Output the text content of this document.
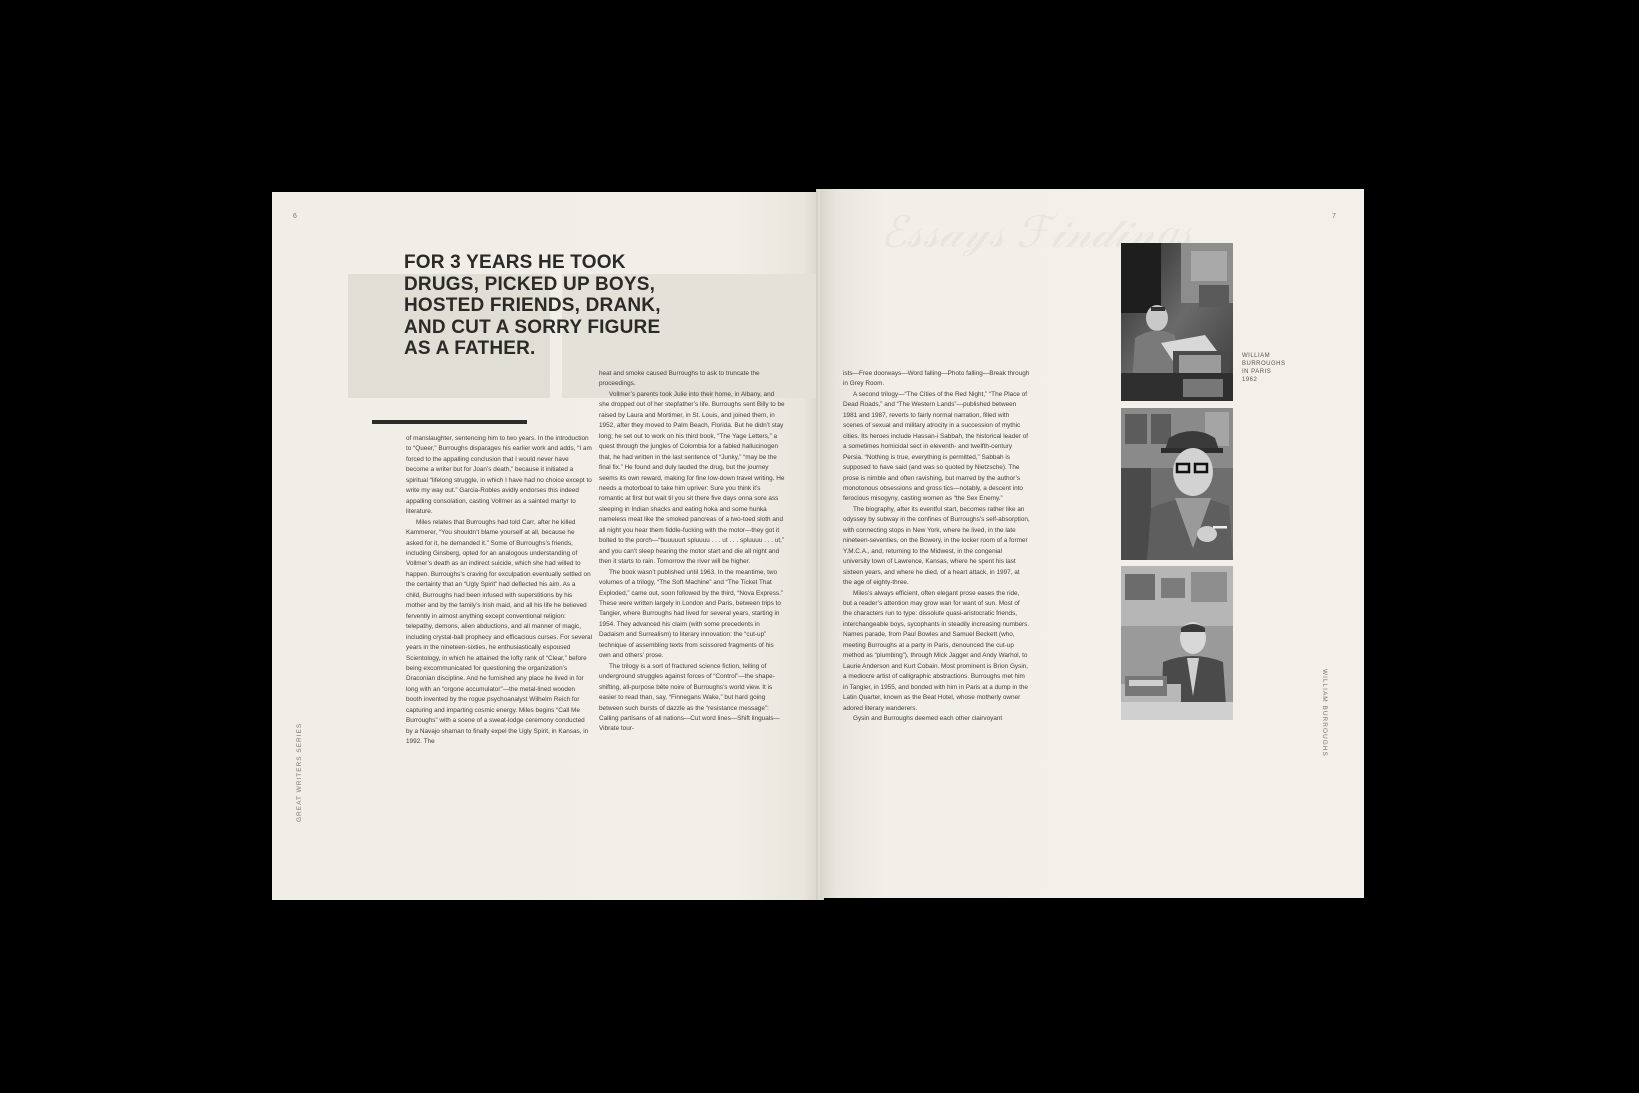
6
GREAT WRITERS SERIES
FOR 3 YEARS HE TOOK DRUGS, PICKED UP BOYS, HOSTED FRIENDS, DRANK, AND CUT A SORRY FIGURE AS A FATHER.

of manslaughter, sentencing him to two years. In the introduction to “Queer,” Burroughs disparages his earlier work and adds, “I am forced to the appalling conclusion that I would never have become a writer but for Joan’s death,” because it initiated a spiritual “lifelong struggle, in which I have had no choice except to write my way out.” Garcia-Robles avidly endorses this indeed appalling consolation, casting Vollmer as a sainted martyr to literature.

Miles relates that Burroughs had told Carr, after he killed Kammerer, “You shouldn’t blame yourself at all, because he asked for it, he demanded it.” Some of Burroughs’s friends, including Ginsberg, opted for an analogous understanding of Vollmer’s death as an indirect suicide, which she had willed to happen. Burroughs’s craving for exculpation eventually settled on the certainty that an “Ugly Spirit” had deflected his aim. As a child, Burroughs had been infused with superstitions by his mother and by the family’s Irish maid, and all his life he believed fervently in almost anything except conventional religion: telepathy, demons, alien abductions, and all manner of magic, including crystal-ball prophecy and efficacious curses. For several years in the nineteen-sixties, he enthusiastically espoused Scientology, in which he attained the lofty rank of “Clear,” before being excommunicated for questioning the organization’s Draconian discipline. And he furnished any place he lived in for long with an “orgone accumulator”—the metal-lined wooden booth invented by the rogue psychoanalyst Wilhelm Reich for capturing and imparting cosmic energy. Miles begins “Call Me Burroughs” with a scene of a sweat-lodge ceremony conducted by a Navajo shaman to finally expel the Ugly Spirit, in Kansas, in 1992. The

heat and smoke caused Burroughs to ask to truncate the proceedings.

Vollmer’s parents took Julie into their home, in Albany, and she dropped out of her stepfather’s life. Burroughs sent Billy to be raised by Laura and Mortimer, in St. Louis, and joined them, in 1952, after they moved to Palm Beach, Florida. But he didn’t stay long; he set out to work on his third book, “The Yage Letters,” a quest through the jungles of Colombia for a fabled hallucinogen that, he had written in the last sentence of “Junky,” “may be the final fix.” He found and duly lauded the drug, but the journey seems its own reward, making for fine low-down travel writing. He needs a motorboat to take him upriver: Sure you think it’s romantic at first but wait til you sit there five days onna sore ass sleeping in Indian shacks and eating hoka and some hunka nameless meat like the smoked pancreas of a two-toed sloth and all night you hear them fiddle-fucking with the motor—they got it bolted to the porch—“buuuuurt spluuuu . . . ut . . . spluuuu . . . ut,” and you can’t sleep hearing the motor start and die all night and then it starts to rain. Tomorrow the river will be higher.

The book wasn’t published until 1963. In the meantime, two volumes of a trilogy, “The Soft Machine” and “The Ticket That Exploded,” came out, soon followed by the third, “Nova Express.” These were written largely in London and Paris, between trips to Tangier, where Burroughs had lived for several years, starting in 1954. They advanced his claim (with some precedents in Dadaism and Surrealism) to literary innovation: the “cut-up” technique of assembling texts from scissored fragments of his own and others’ prose.

The trilogy is a sort of fractured science fiction, telling of underground struggles against forces of “Control”—the shape-shifting, all-purpose bête noire of Burroughs’s world view. It is easier to read than, say, “Finnegans Wake,” but hard going between such bursts of dazzle as the “resistance message”: Calling partisans of all nations—Cut word lines—Shift linguals—Vibrate tour-

7
WILLIAM BURROUGHS

ists—Free doorways—Word falling—Photo falling—Break through in Grey Room.

A second trilogy—“The Cities of the Red Night,” “The Place of Dead Roads,” and “The Western Lands”—published between 1981 and 1987, reverts to fairly normal narration, filled with scenes of sexual and military atrocity in a succession of mythic cities. Its heroes include Hassan-i Sabbah, the historical leader of a sometimes homicidal sect in eleventh- and twelfth-century Persia. “Nothing is true, everything is permitted,” Sabbah is supposed to have said (and was so quoted by Nietzsche). The prose is nimble and often ravishing, but marred by the author’s monotonous obsessions and gross tics—notably, a descent into ferocious misogyny, casting women as “the Sex Enemy.”

The biography, after its eventful start, becomes rather like an odyssey by subway in the confines of Burroughs’s self-absorption, with connecting stops in New York, where he lived, in the late nineteen-seventies, on the Bowery, in the locker room of a former Y.M.C.A., and, returning to the Midwest, in the congenial university town of Lawrence, Kansas, where he spent his last sixteen years, and where he died, of a heart attack, in 1997, at the age of eighty-three.

Miles’s always efficient, often elegant prose eases the ride, but a reader’s attention may grow wan for want of sun. Most of the characters run to type: dissolute quasi-aristocratic friends, interchangeable boys, sycophants in steadily increasing numbers. Names parade, from Paul Bowles and Samuel Beckett (who, meeting Burroughs at a party in Paris, denounced the cut-up method as “plumbing”), through Mick Jagger and Andy Warhol, to Laurie Anderson and Kurt Cobain. Most prominent is Brion Gysin, a mediocre artist of calligraphic abstractions. Burroughs met him in Tangier, in 1955, and bonded with him in Paris at a dump in the Latin Quarter, known as the Beat Hotel, whose motherly owner adored literary wanderers.

Gysin and Burroughs deemed each other clairvoyant

WILLIAM
BURROUGHS
IN PARIS
1962
